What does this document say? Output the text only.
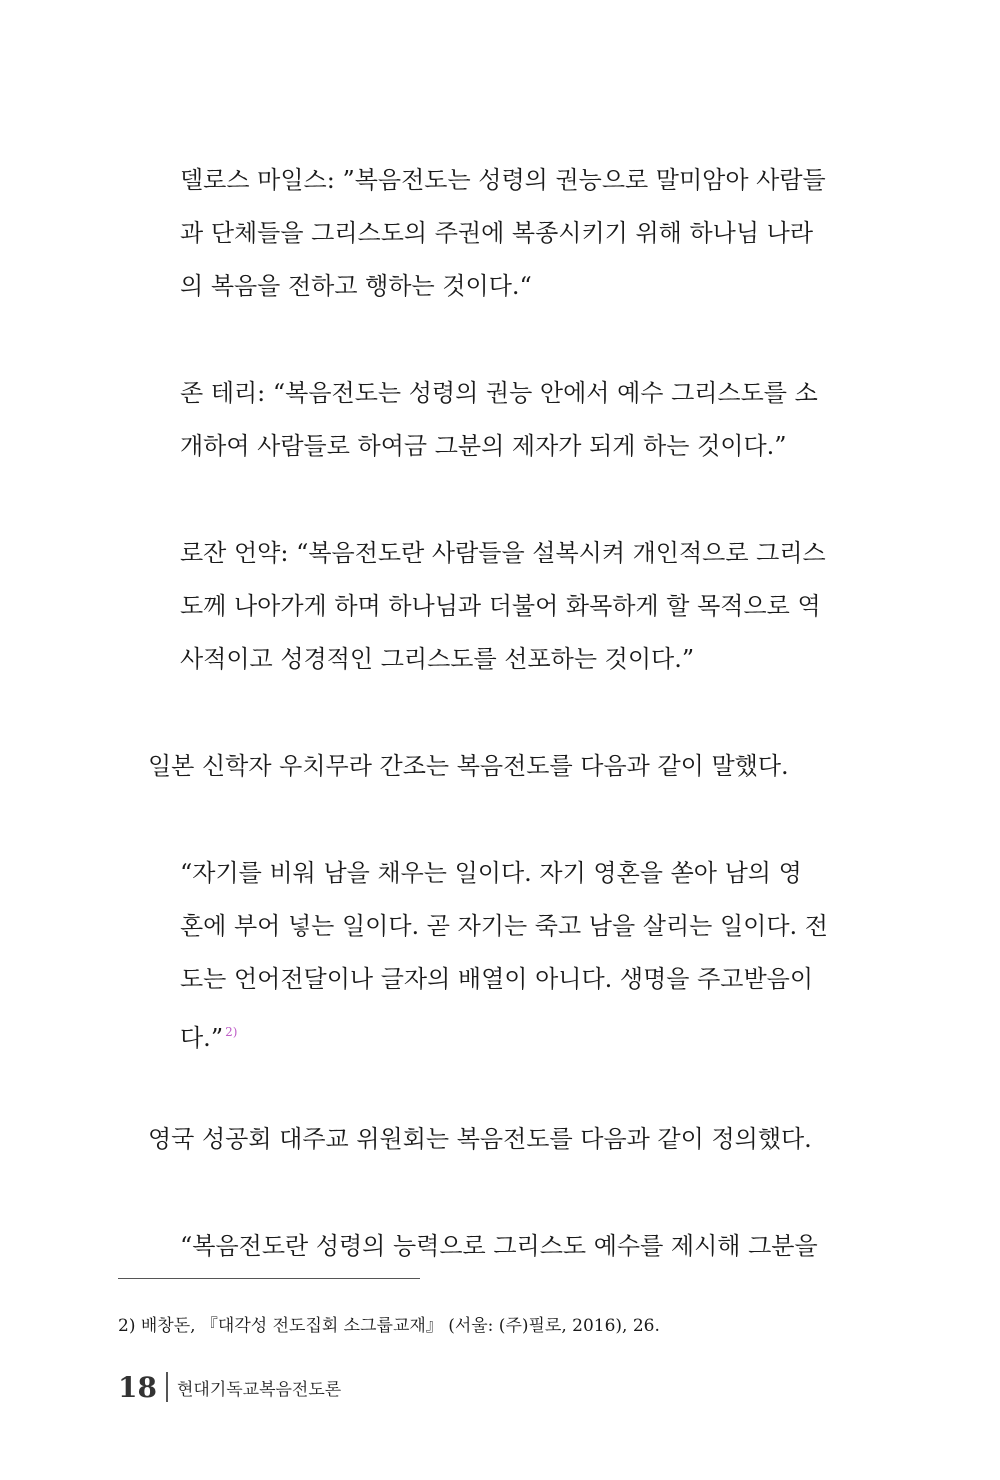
델로스 마일스: ”복음전도는 성령의 권능으로 말미암아 사람들

과 단체들을 그리스도의 주권에 복종시키기 위해 하나님 나라

의 복음을 전하고 행하는 것이다.“

존 테리: “복음전도는 성령의 권능 안에서 예수 그리스도를 소

개하여 사람들로 하여금 그분의 제자가 되게 하는 것이다.”

로잔 언약: “복음전도란 사람들을 설복시켜 개인적으로 그리스

도께 나아가게 하며 하나님과 더불어 화목하게 할 목적으로 역

사적이고 성경적인 그리스도를 선포하는 것이다.”

일본 신학자 우치무라 간조는 복음전도를 다음과 같이 말했다.

“자기를 비워 남을 채우는 일이다. 자기 영혼을 쏟아 남의 영

혼에 부어 넣는 일이다. 곧 자기는 죽고 남을 살리는 일이다. 전

도는 언어전달이나 글자의 배열이 아니다. 생명을 주고받음이

다.” $^{2)}$

영국 성공회 대주교 위원회는 복음전도를 다음과 같이 정의했다.

“복음전도란 성령의 능력으로 그리스도 예수를 제시해 그분을

2) 배창돈, 『대각성 전도집회 소그룹교재』 (서울: (주)필로, 2016), 26.

18 현대기독교복음전도론
